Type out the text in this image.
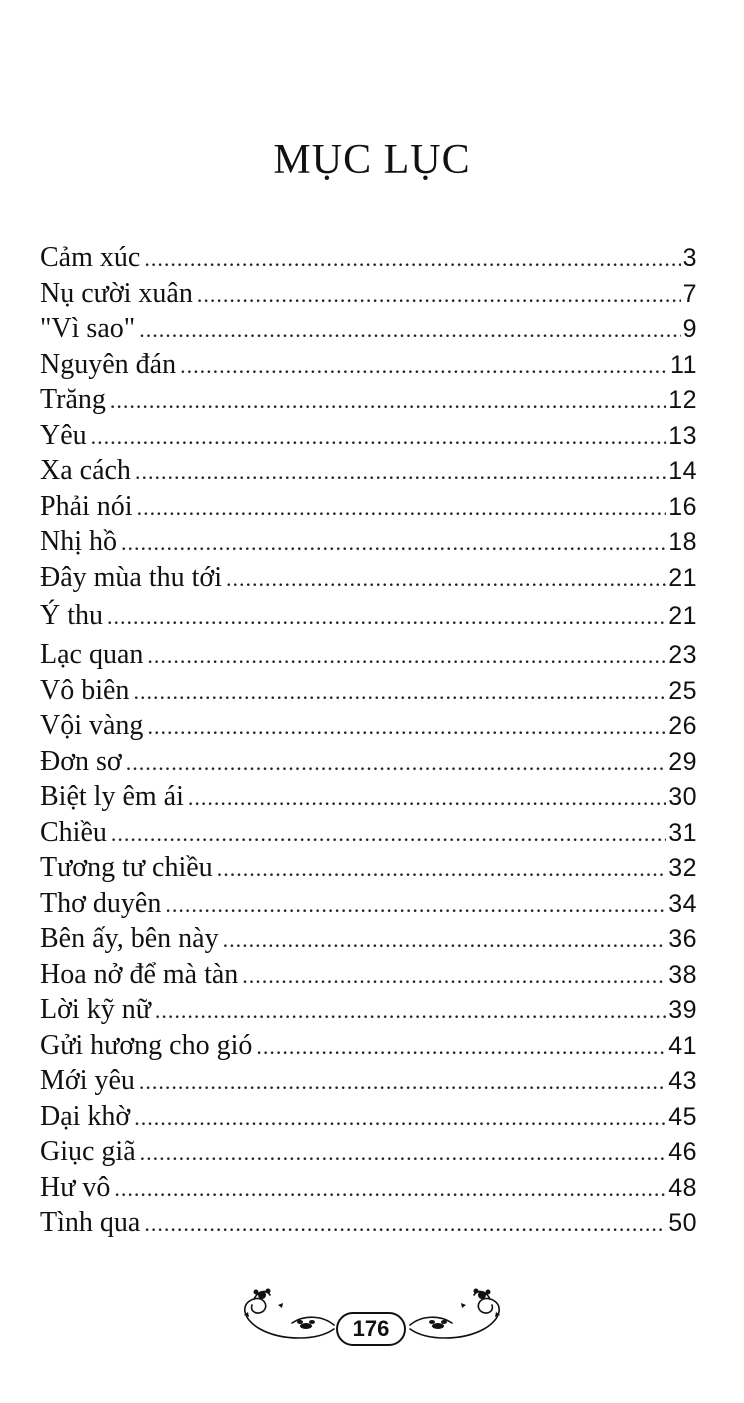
MỤC LỤC
Cảm xúc .....	3
Nụ cười xuân .....	7
"Vì sao" .....	9
Nguyên đán .....	11
Trăng .....	12
Yêu .....	13
Xa cách .....	14
Phải nói .....	16
Nhị hồ .....	18
Đây mùa thu tới .....	21
Ý thu .....	21
Lạc quan .....	23
Vô biên .....	25
Vội vàng .....	26
Đơn sơ .....	29
Biệt ly êm ái .....	30
Chiều .....	31
Tương tư chiều .....	32
Thơ duyên .....	34
Bên ấy, bên này .....	36
Hoa nở để mà tàn .....	38
Lời kỹ nữ .....	39
Gửi hương cho gió .....	41
Mới yêu .....	43
Dại khờ .....	45
Giục giã .....	46
Hư vô .....	48
Tình qua .....	50
176
